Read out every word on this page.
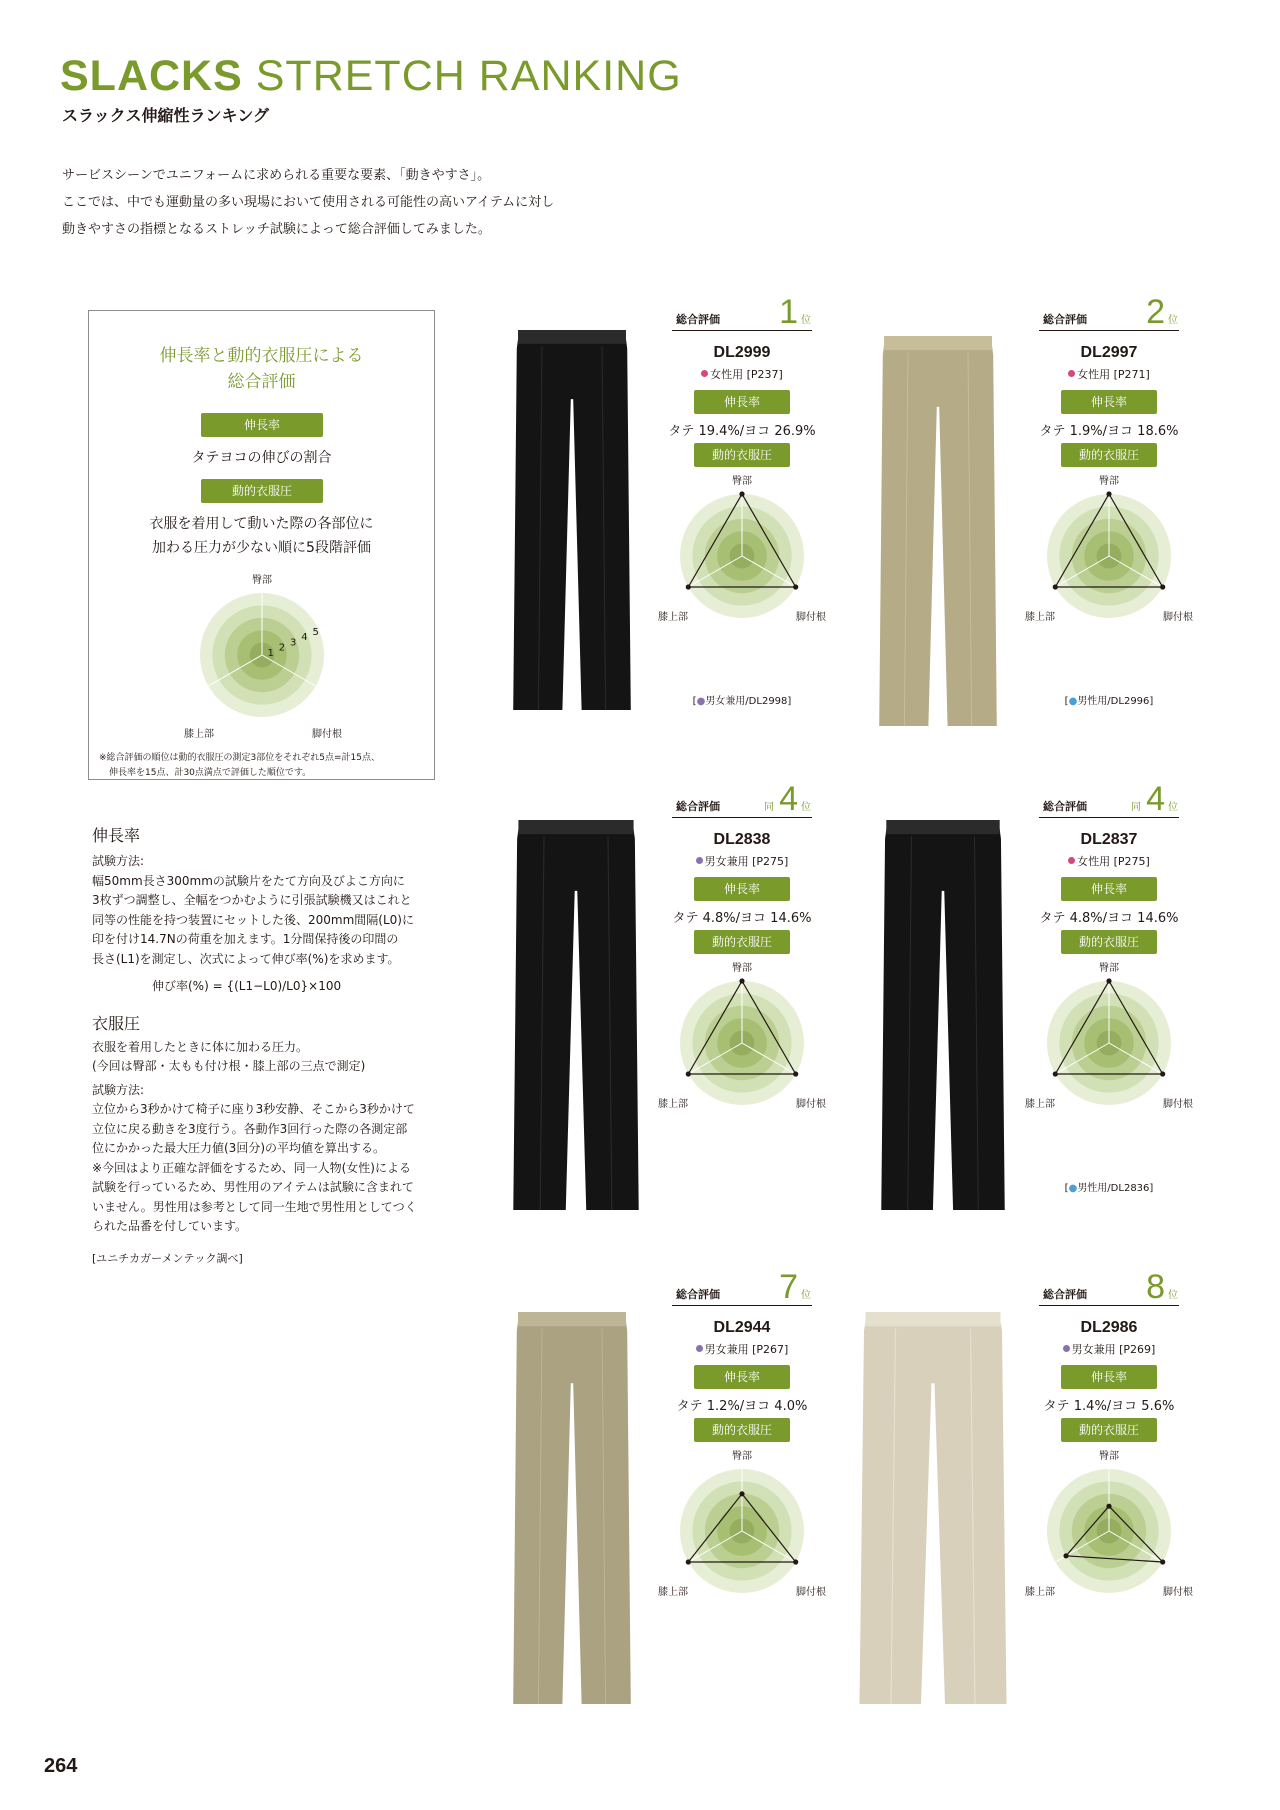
SLACKS STRETCH RANKING
スラックス伸縮性ランキング
サービスシーンでユニフォームに求められる重要な要素、「動きやすさ」。
ここでは、中でも運動量の多い現場において使用される可能性の高いアイテムに対し
動きやすさの指標となるストレッチ試験によって総合評価してみました。
伸長率と動的衣服圧による
総合評価
伸長率
タテヨコの伸びの割合
動的衣服圧
衣服を着用して動いた際の各部位に
加わる圧力が少ない順に5段階評価
臀部
膝上部	脚付根
1 2 3 4 5
※総合評価の順位は動的衣服圧の測定3部位をそれぞれ5点=計15点、
伸長率を15点、計30点満点で評価した順位です。
伸長率
試験方法:
幅50mm長さ300mmの試験片をたて方向及びよこ方向に
3枚ずつ調整し、全幅をつかむように引張試験機又はこれと
同等の性能を持つ装置にセットした後、200mm間隔(L0)に
印を付け14.7Nの荷重を加えます。1分間保持後の印間の
長さ(L1)を測定し、次式によって伸び率(%)を求めます。
伸び率(%) = {(L1−L0)/L0}×100
衣服圧
衣服を着用したときに体に加わる圧力。
(今回は臀部・太もも付け根・膝上部の三点で測定)
試験方法:
立位から3秒かけて椅子に座り3秒安静、そこから3秒かけて
立位に戻る動きを3度行う。各動作3回行った際の各測定部
位にかかった最大圧力値(3回分)の平均値を算出する。
※今回はより正確な評価をするため、同一人物(女性)による
試験を行っているため、男性用のアイテムは試験に含まれて
いません。男性用は参考として同一生地で男性用としてつく
られた品番を付しています。
[ユニチカガーメンテック調べ]
総合評価 1 位
DL2999
女性用 [P237]
伸長率
タテ 19.4%/ヨコ 26.9%
動的衣服圧
臀部
膝上部	脚付根
[●男女兼用/DL2998]
総合評価 2 位
DL2997
女性用 [P271]
伸長率
タテ 1.9%/ヨコ 18.6%
動的衣服圧
臀部
膝上部	脚付根
[●男性用/DL2996]
総合評価	同 4 位
DL2838
男女兼用 [P275]
伸長率
タテ 4.8%/ヨコ 14.6%
動的衣服圧
臀部
膝上部	脚付根
総合評価	同 4 位
DL2837
女性用 [P275]
伸長率
タテ 4.8%/ヨコ 14.6%
動的衣服圧
臀部
膝上部	脚付根
[●男性用/DL2836]
総合評価 7 位
DL2944
男女兼用 [P267]
伸長率
タテ 1.2%/ヨコ 4.0%
動的衣服圧
臀部
膝上部	脚付根
総合評価 8 位
DL2986
男女兼用 [P269]
伸長率
タテ 1.4%/ヨコ 5.6%
動的衣服圧
臀部
膝上部	脚付根
264
